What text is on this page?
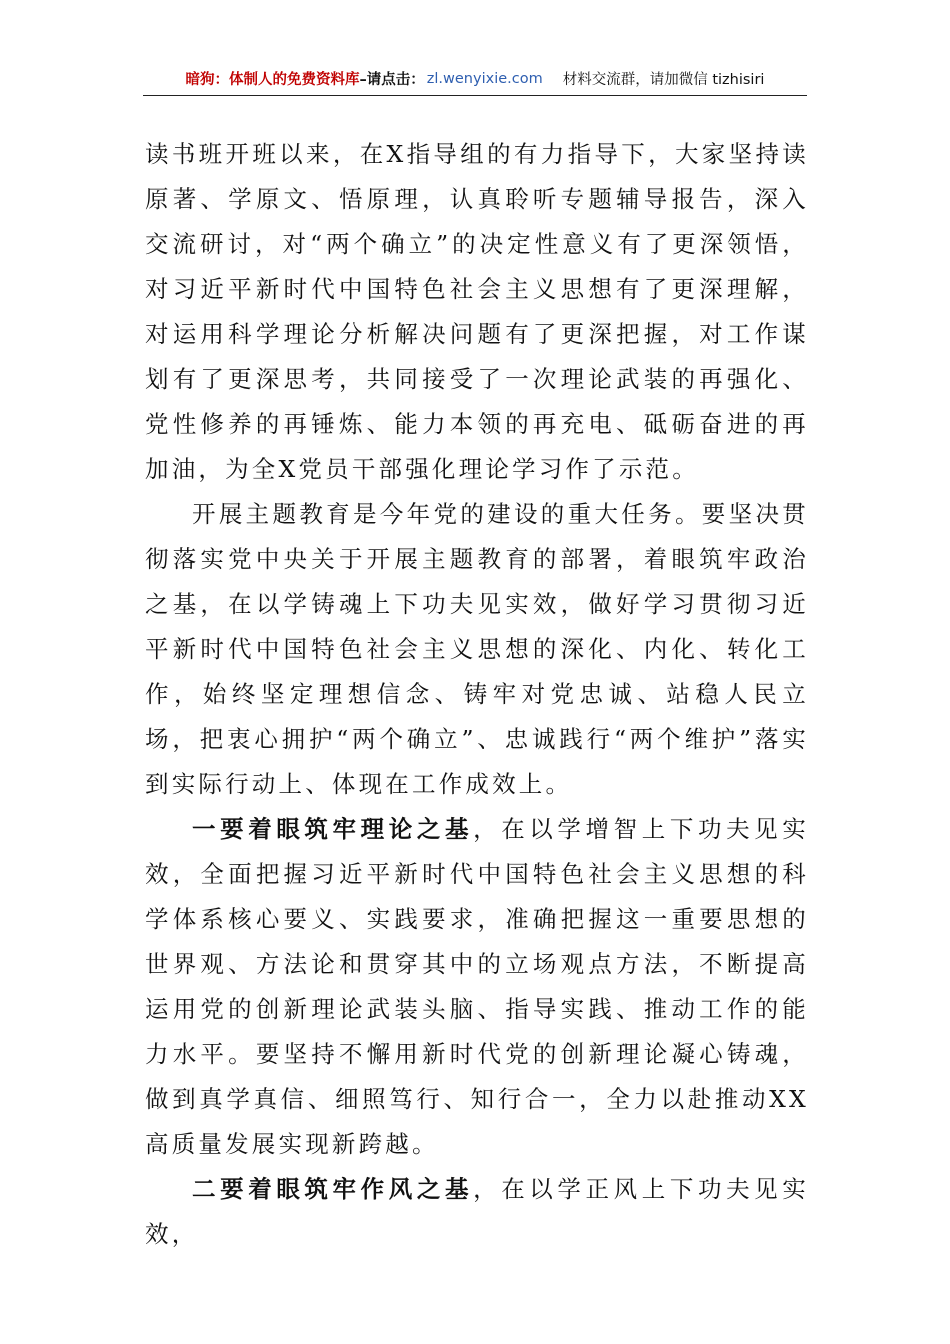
暗狗：体制人的免费资料库 –请点击： zl.wenyixie.com 材料交流群，请加微信 tizhisiri

读书班开班以来，在X指导组的有力指导下，大家坚持读原著、学原文、悟原理，认真聆听专题辅导报告，深入交流研讨，对“两个确立”的决定性意义有了更深领悟，对习近平新时代中国特色社会主义思想有了更深理解，对运用科学理论分析解决问题有了更深把握，对工作谋划有了更深思考，共同接受了一次理论武装的再强化、党性修养的再锤炼、能力本领的再充电、砥砺奋进的再加油，为全X党员干部强化理论学习作了示范。

开展主题教育是今年党的建设的重大任务。要坚决贯彻落实党中央关于开展主题教育的部署，着眼筑牢政治之基，在以学铸魂上下功夫见实效，做好学习贯彻习近平新时代中国特色社会主义思想的深化、内化、转化工作，始终坚定理想信念、铸牢对党忠诚、站稳人民立场，把衷心拥护“两个确立”、忠诚践行“两个维护”落实到实际行动上、体现在工作成效上。

一要着眼筑牢理论之基，在以学增智上下功夫见实效，全面把握习近平新时代中国特色社会主义思想的科学体系核心要义、实践要求，准确把握这一重要思想的世界观、方法论和贯穿其中的立场观点方法，不断提高运用党的创新理论武装头脑、指导实践、推动工作的能力水平。要坚持不懈用新时代党的创新理论凝心铸魂，做到真学真信、细照笃行、知行合一，全力以赴推动XX高质量发展实现新跨越。

二要着眼筑牢作风之基，在以学正风上下功夫见实效，
